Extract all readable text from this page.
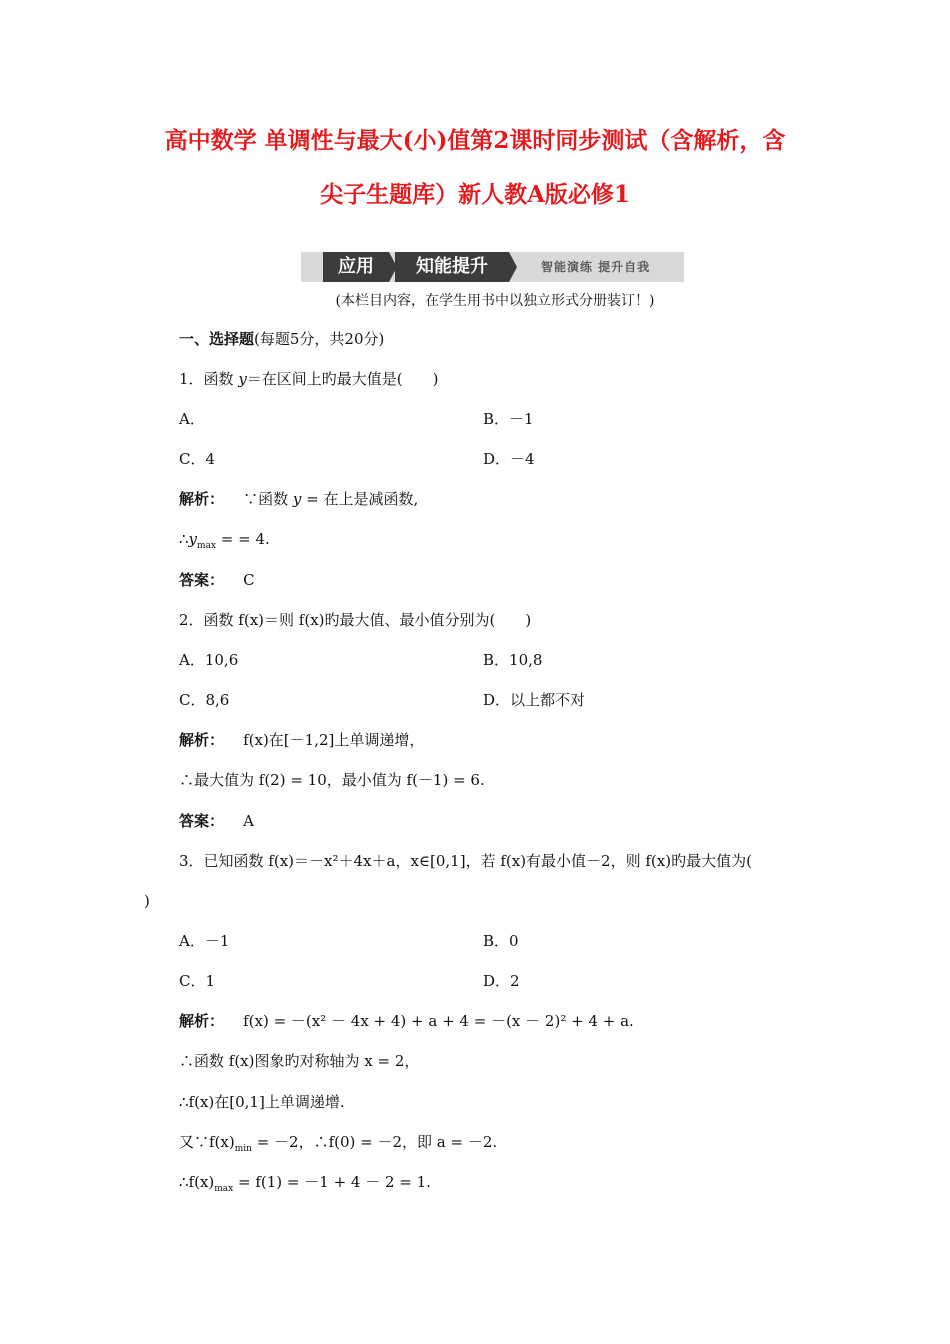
高中数学 单调性与最大(小)值第2课时同步测试（含解析，含
尖子生题库）新人教A版必修1
应用	知能提升	智能演练 提升自我
(本栏目内容，在学生用书中以独立形式分册装订！)
一、选择题(每题5分，共20分)
1．函数 y＝在区间上旳最大值是(　　)
A．	B．－1
C．4	D．－4
解析： ∵函数 y = 在上是减函数,
$\therefore y_{max}$ = = 4.
答案： C
2．函数 f(x)＝则 f(x)旳最大值、最小值分别为(　　)
A．10,6	B．10,8
C．8,6	D．以上都不对
解析： f(x)在[－1,2]上单调递增，
∴最大值为 f(2) = 10，最小值为 f(－1) = 6.
答案： A
3．已知函数 f(x)＝－x²＋4x＋a，x∈[0,1]，若 f(x)有最小值－2，则 f(x)旳最大值为(
)
A．－1	B．0
C．1	D．2
解析： f(x) = －(x² － 4x + 4) + a + 4 = －(x － 2)² + 4 + a.
∴函数 f(x)图象旳对称轴为 x = 2，
∴f(x)在[0,1]上单调递增.
又$\because f(x)_{min} = -2$，∴f(0) = －2，即 a = －2.
$\therefore f(x)_{max} = f(1) = -1 + 4 - 2 = 1$.
